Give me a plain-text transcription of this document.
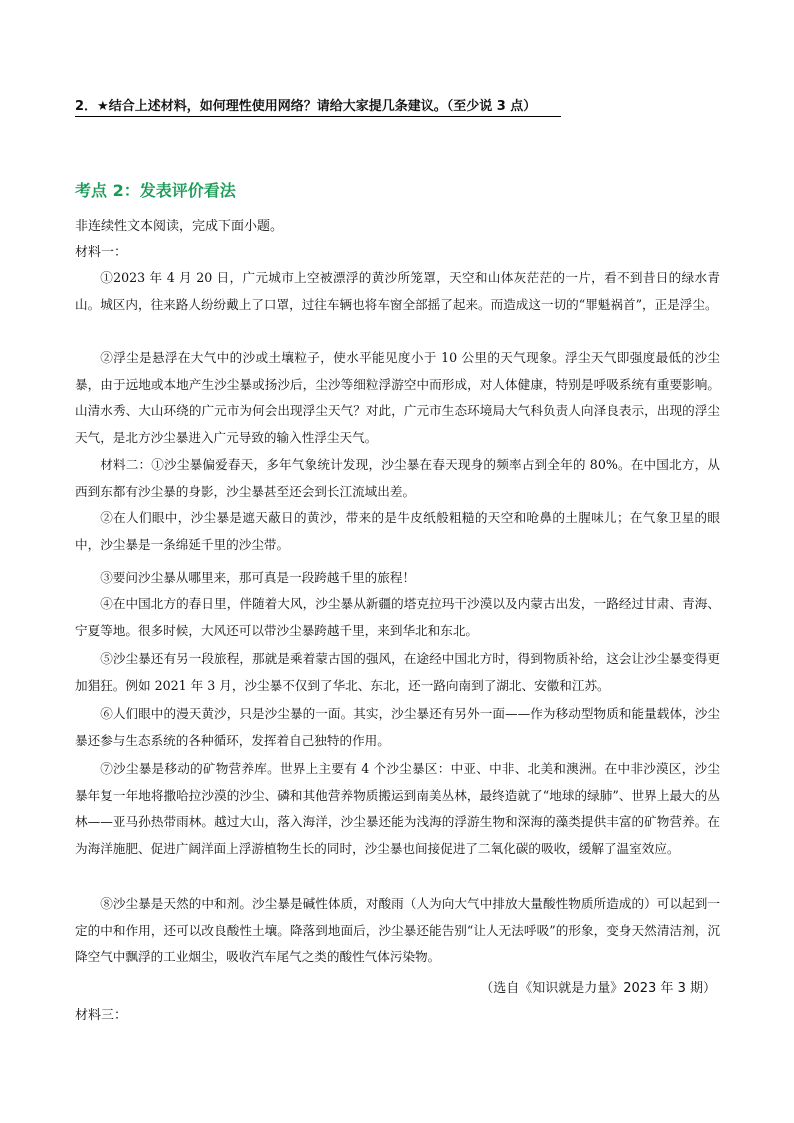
2．★结合上述材料，如何理性使用网络？请给大家提几条建议。（至少说 3 点）
考点 2：发表评价看法
非连续性文本阅读，完成下面小题。
材料一：

①2023 年 4 月 20 日，广元城市上空被漂浮的黄沙所笼罩，天空和山体灰茫茫的一片，看不到昔日的绿水青山。城区内，往来路人纷纷戴上了口罩，过往车辆也将车窗全部摇了起来。而造成这一切的“罪魁祸首”，正是浮尘。

②浮尘是悬浮在大气中的沙或土壤粒子，使水平能见度小于 10 公里的天气现象。浮尘天气即强度最低的沙尘暴，由于远地或本地产生沙尘暴或扬沙后，尘沙等细粒浮游空中而形成，对人体健康，特别是呼吸系统有重要影响。山清水秀、大山环绕的广元市为何会出现浮尘天气？对此，广元市生态环境局大气科负责人向泽良表示，出现的浮尘天气，是北方沙尘暴进入广元导致的输入性浮尘天气。

材料二：①沙尘暴偏爱春天，多年气象统计发现，沙尘暴在春天现身的频率占到全年的 80%。在中国北方，从西到东都有沙尘暴的身影，沙尘暴甚至还会到长江流域出差。

②在人们眼中，沙尘暴是遮天蔽日的黄沙，带来的是牛皮纸般粗糙的天空和呛鼻的土腥味儿；在气象卫星的眼中，沙尘暴是一条绵延千里的沙尘带。

③要问沙尘暴从哪里来，那可真是一段跨越千里的旅程！

④在中国北方的春日里，伴随着大风，沙尘暴从新疆的塔克拉玛干沙漠以及内蒙古出发，一路经过甘肃、青海、宁夏等地。很多时候，大风还可以带沙尘暴跨越千里，来到华北和东北。

⑤沙尘暴还有另一段旅程，那就是乘着蒙古国的强风，在途经中国北方时，得到物质补给，这会让沙尘暴变得更加猖狂。例如 2021 年 3 月，沙尘暴不仅到了华北、东北，还一路向南到了湖北、安徽和江苏。

⑥人们眼中的漫天黄沙，只是沙尘暴的一面。其实，沙尘暴还有另外一面——作为移动型物质和能量载体，沙尘暴还参与生态系统的各种循环，发挥着自己独特的作用。

⑦沙尘暴是移动的矿物营养库。世界上主要有 4 个沙尘暴区：中亚、中非、北美和澳洲。在中非沙漠区，沙尘暴年复一年地将撒哈拉沙漠的沙尘、磷和其他营养物质搬运到南美丛林，最终造就了“地球的绿肺”、世界上最大的丛林——亚马孙热带雨林。越过大山，落入海洋，沙尘暴还能为浅海的浮游生物和深海的藻类提供丰富的矿物营养。在为海洋施肥、促进广阔洋面上浮游植物生长的同时，沙尘暴也间接促进了二氧化碳的吸收，缓解了温室效应。

⑧沙尘暴是天然的中和剂。沙尘暴是碱性体质，对酸雨（人为向大气中排放大量酸性物质所造成的）可以起到一定的中和作用，还可以改良酸性土壤。降落到地面后，沙尘暴还能告别“让人无法呼吸”的形象，变身天然清洁剂，沉降空气中飘浮的工业烟尘，吸收汽车尾气之类的酸性气体污染物。

（选自《知识就是力量》2023 年 3 期）
材料三：
